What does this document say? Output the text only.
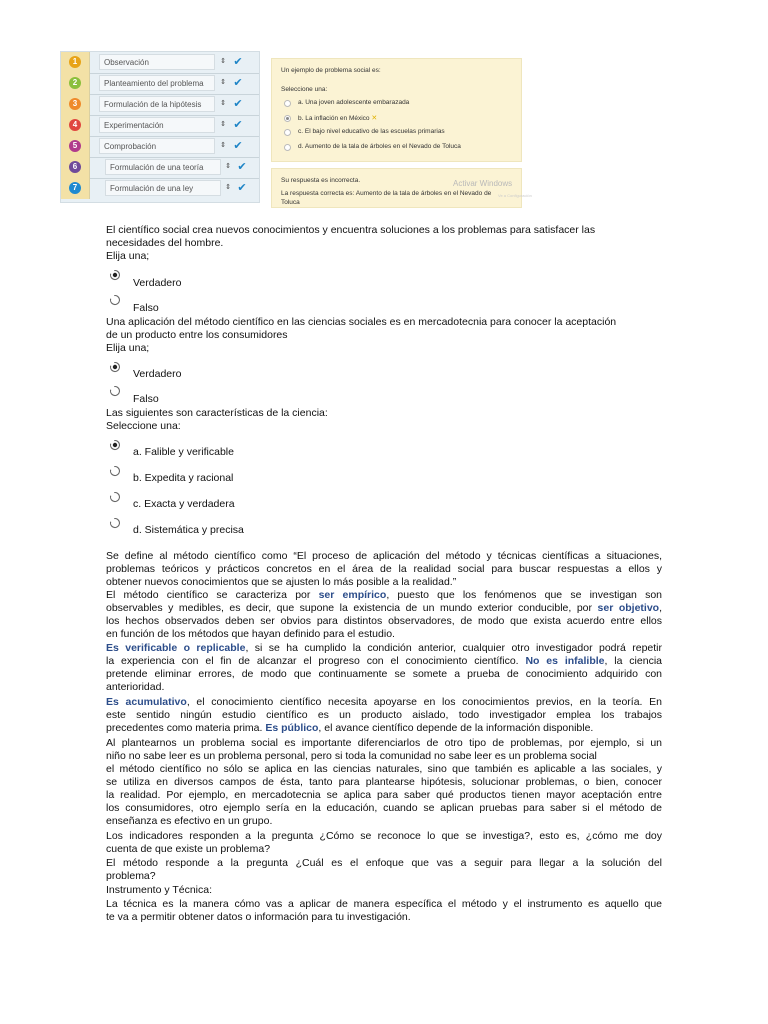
1	Observación	⇕ ✔
2	Planteamiento del problema	⇕ ✔
3	Formulación de la hipótesis	⇕ ✔
4	Experimentación	⇕ ✔
5	Comprobación	⇕ ✔
6	Formulación de una teoría	⇕ ✔
7	Formulación de una ley	⇕ ✔
Un ejemplo de problema social es:
Seleccione una:
a. Una joven adolescente embarazada
b. La inflación en México ✕
c. El bajo nivel educativo de las escuelas primarias
d. Aumento de la tala de árboles en el Nevado de Toluca
Su respuesta es incorrecta.	Activar Windows
Ve a Configuración
La respuesta correcta es: Aumento de la tala de árboles en el Nevado de
Toluca
El científico social crea nuevos conocimientos y encuentra soluciones a los problemas para satisfacer las
necesidades del hombre.
Elija una;
Verdadero
Falso
Una aplicación del método científico en las ciencias sociales es en mercadotecnia para conocer la aceptación
de un producto entre los consumidores
Elija una;
Verdadero
Falso
Las siguientes son características de la ciencia:
Seleccione una:
a. Falible y verificable
b. Expedita y racional
c. Exacta y verdadera
d. Sistemática y precisa
Se define al método científico como “El proceso de aplicación del método y técnicas científicas a situaciones,
problemas teóricos y prácticos concretos en el área de la realidad social para buscar respuestas a ellos y
obtener nuevos conocimientos que se ajusten lo más posible a la realidad.”
El método científico se caracteriza por ser empírico, puesto que los fenómenos que se investigan son
observables y medibles, es decir, que supone la existencia de un mundo exterior conducible, por ser objetivo,
los hechos observados deben ser obvios para distintos observadores, de modo que exista acuerdo entre ellos
en función de los métodos que hayan definido para el estudio.
Es verificable o replicable, si se ha cumplido la condición anterior, cualquier otro investigador podrá repetir
la experiencia con el fin de alcanzar el progreso con el conocimiento científico. No es infalible, la ciencia
pretende eliminar errores, de modo que continuamente se somete a prueba de conocimiento adquirido con
anterioridad.
Es acumulativo, el conocimiento científico necesita apoyarse en los conocimientos previos, en la teoría. En
este sentido ningún estudio científico es un producto aislado, todo investigador emplea los trabajos
precedentes como materia prima. Es público, el avance científico depende de la información disponible.
Al plantearnos un problema social es importante diferenciarlos de otro tipo de problemas, por ejemplo, si un
niño no sabe leer es un problema personal, pero si toda la comunidad no sabe leer es un problema social
el método científico no sólo se aplica en las ciencias naturales, sino que también es aplicable a las sociales, y
se utiliza en diversos campos de ésta, tanto para plantearse hipótesis, solucionar problemas, o bien, conocer
la realidad. Por ejemplo, en mercadotecnia se aplica para saber qué productos tienen mayor aceptación entre
los consumidores, otro ejemplo sería en la educación, cuando se aplican pruebas para saber si el método de
enseñanza es efectivo en un grupo.
Los indicadores responden a la pregunta ¿Cómo se reconoce lo que se investiga?, esto es, ¿cómo me doy
cuenta de que existe un problema?
El método responde a la pregunta ¿Cuál es el enfoque que vas a seguir para llegar a la solución del
problema?
Instrumento y Técnica:
La técnica es la manera cómo vas a aplicar de manera específica el método y el instrumento es aquello que
te va a permitir obtener datos o información para tu investigación.
